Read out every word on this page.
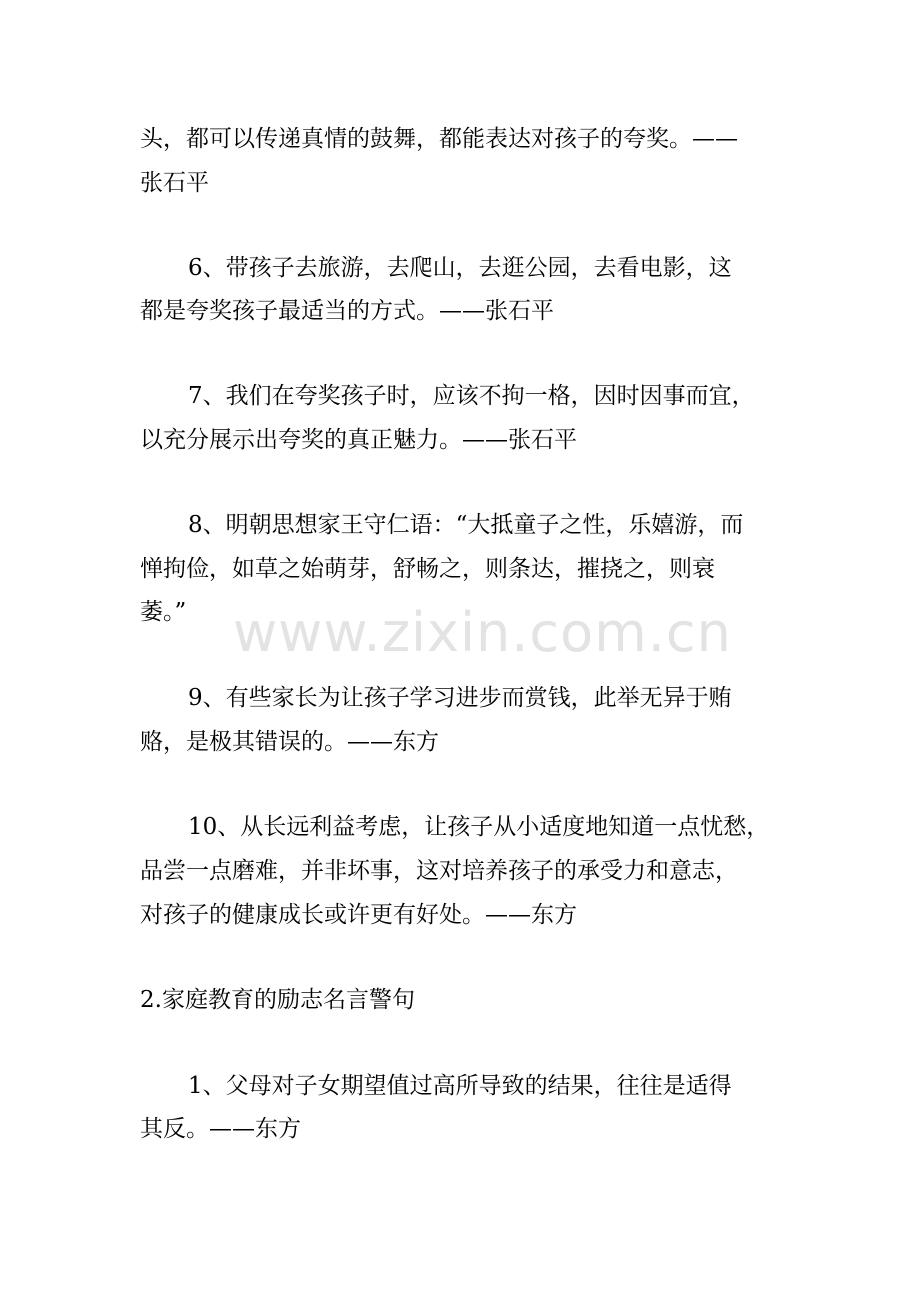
头，都可以传递真情的鼓舞，都能表达对孩子的夸奖。——
张石平
6、带孩子去旅游，去爬山，去逛公园，去看电影，这
都是夸奖孩子最适当的方式。——张石平
7、我们在夸奖孩子时，应该不拘一格，因时因事而宜，
以充分展示出夸奖的真正魅力。——张石平
8、明朝思想家王守仁语：“大抵童子之性，乐嬉游，而
惮拘俭，如草之始萌芽，舒畅之，则条达，摧挠之，则衰
萎。”
9、有些家长为让孩子学习进步而赏钱，此举无异于贿
赂，是极其错误的。——东方
10、从长远利益考虑，让孩子从小适度地知道一点忧愁，
品尝一点磨难，并非坏事，这对培养孩子的承受力和意志，
对孩子的健康成长或许更有好处。——东方
2.家庭教育的励志名言警句
1、父母对子女期望值过高所导致的结果，往往是适得
其反。——东方
www.zixin.com.cn
